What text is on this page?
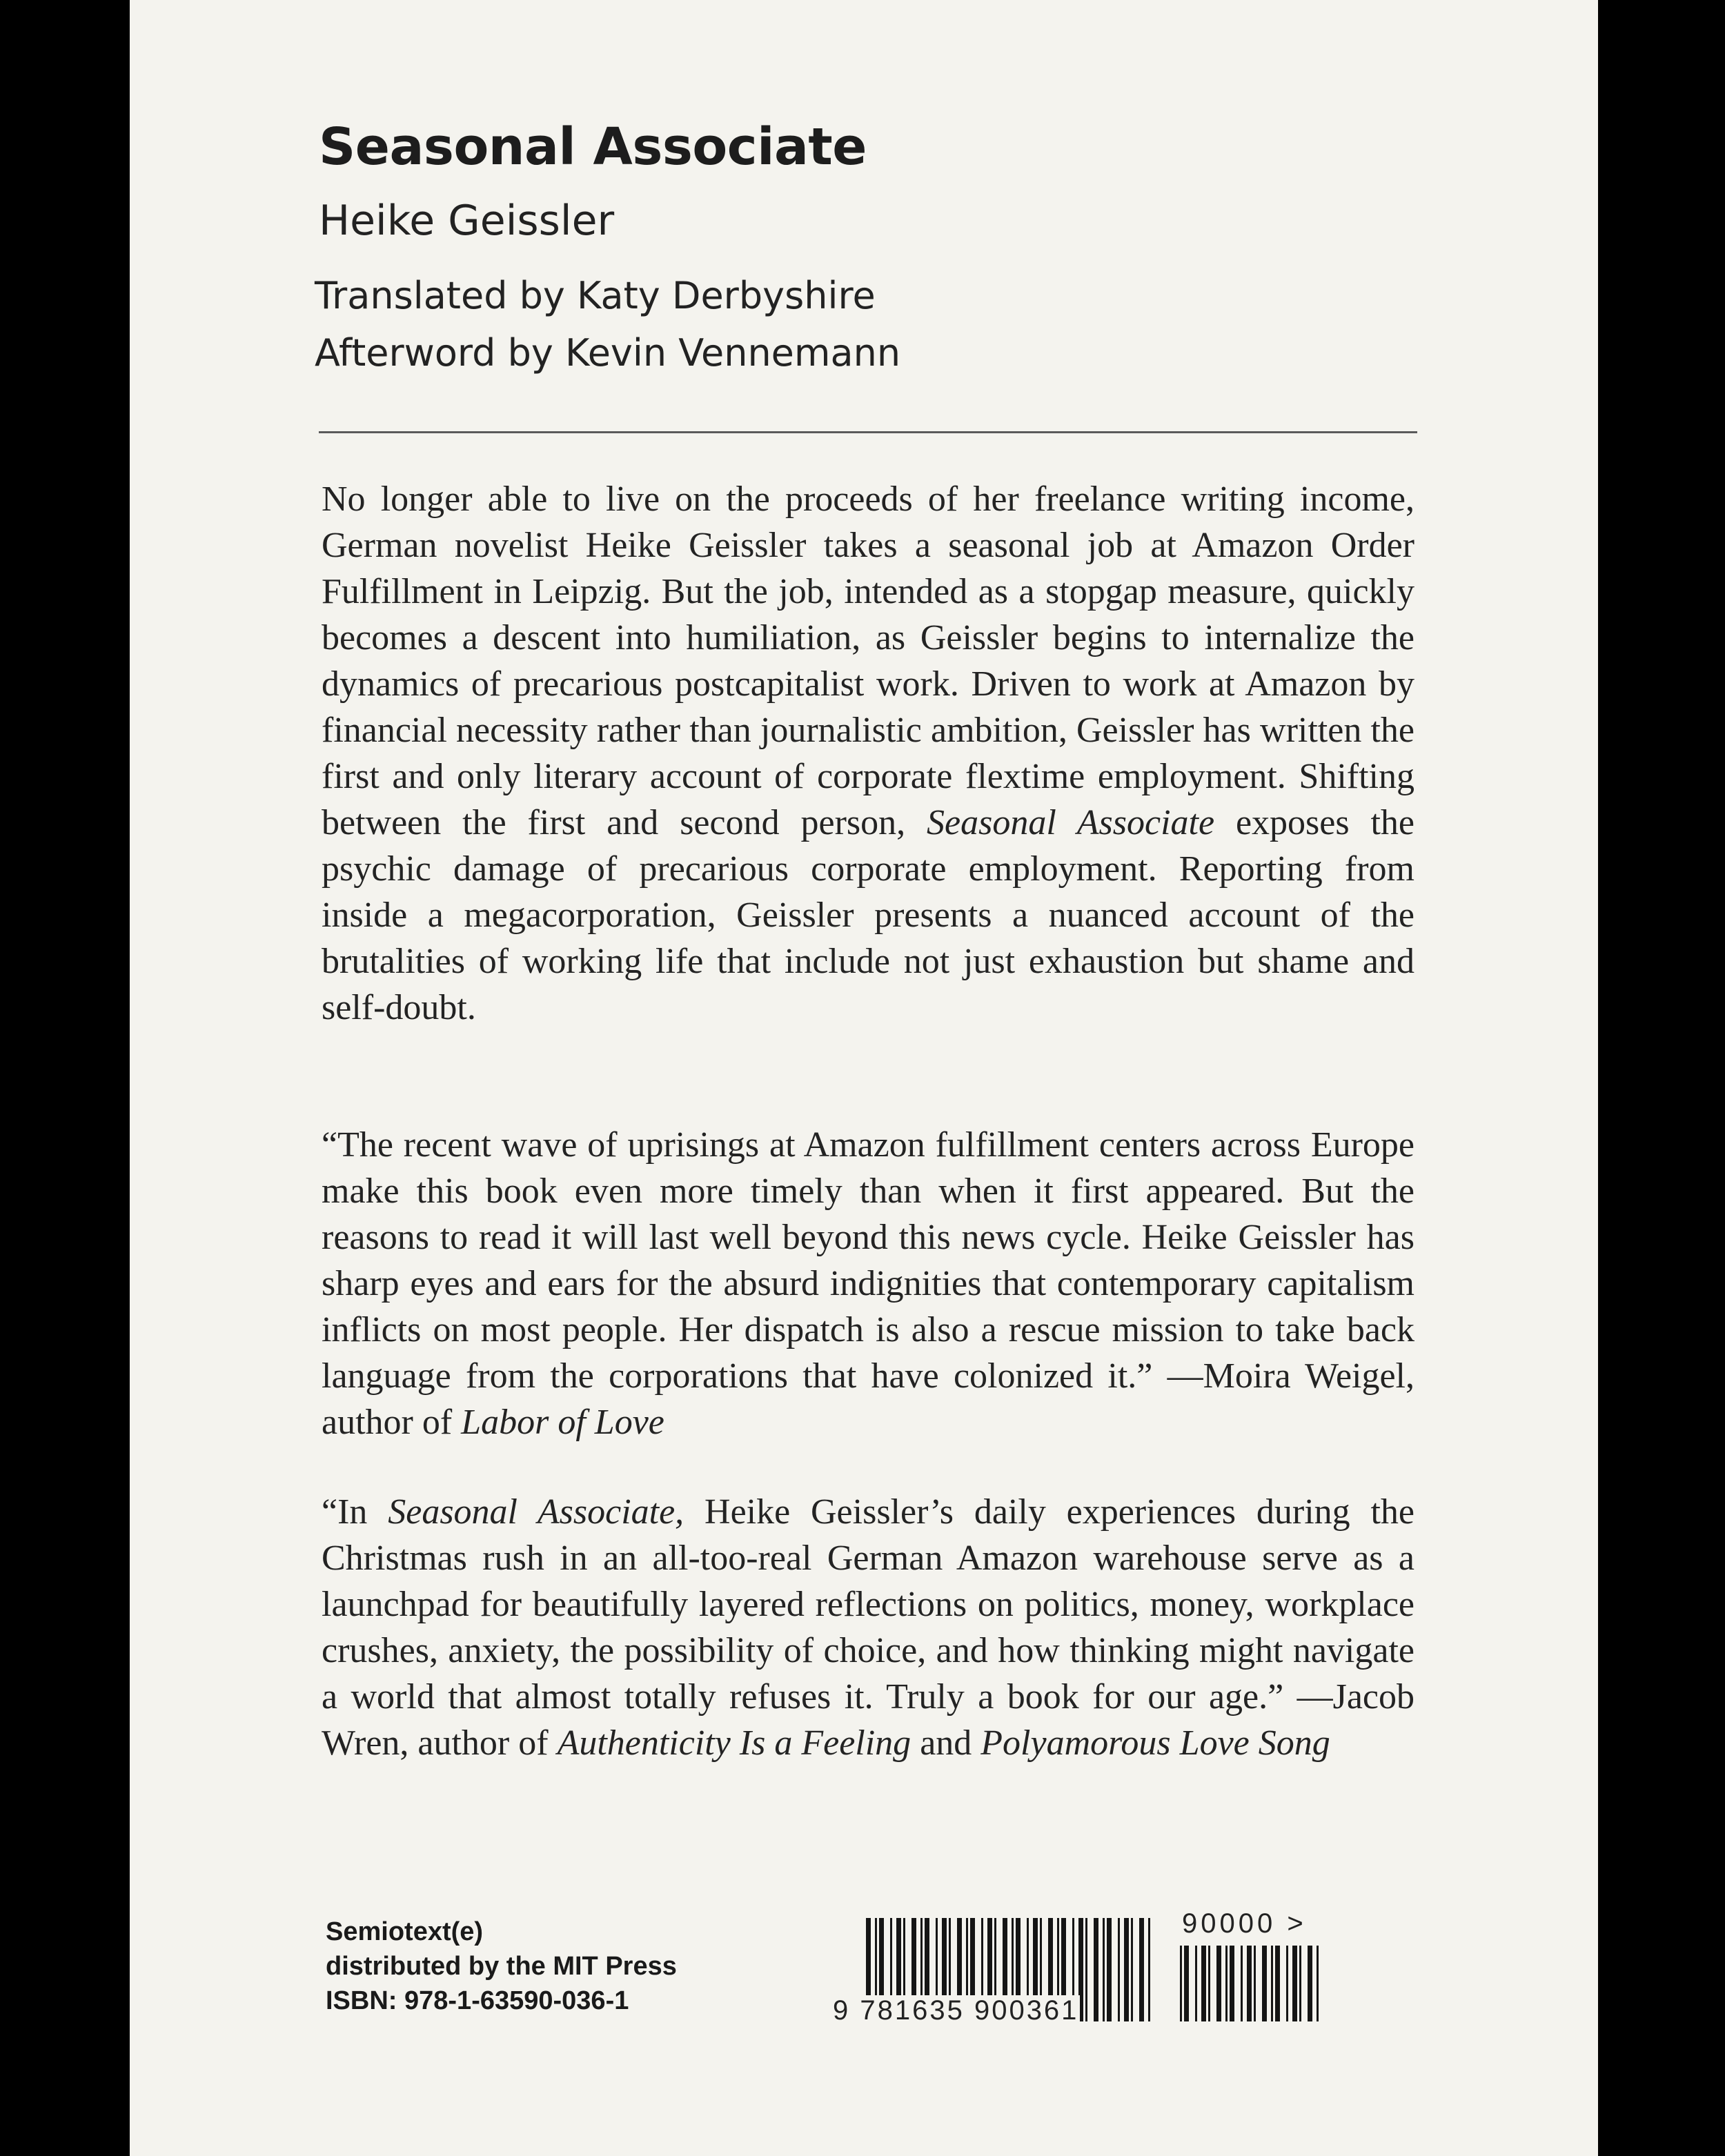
Seasonal Associate
Heike Geissler
Translated by Katy Derbyshire
Afterword by Kevin Vennemann

No longer able to live on the proceeds of her freelance writing income, German novelist Heike Geissler takes a seasonal job at Amazon Order Fulfillment in Leipzig. But the job, intended as a stopgap measure, quickly becomes a descent into humiliation, as Geissler begins to internalize the dynamics of precarious postcapitalist work. Driven to work at Amazon by financial necessity rather than journalistic ambition, Geissler has written the first and only literary account of corporate flextime employment. Shifting between the first and second person, Seasonal Associate exposes the psychic damage of precarious corporate employment. Reporting from inside a megacorporation, Geissler presents a nuanced account of the brutalities of working life that include not just exhaustion but shame and self-doubt.

“The recent wave of uprisings at Amazon fulfillment centers across Europe make this book even more timely than when it first appeared. But the reasons to read it will last well beyond this news cycle. Heike Geissler has sharp eyes and ears for the absurd indignities that contemporary capitalism inflicts on most people. Her dispatch is also a rescue mission to take back language from the corporations that have colonized it.” —Moira Weigel, author of Labor of Love

“In Seasonal Associate, Heike Geissler’s daily experiences during the Christmas rush in an all-too-real German Amazon warehouse serve as a launchpad for beautifully layered reflections on politics, money, workplace crushes, anxiety, the possibility of choice, and how thinking might navigate a world that almost totally refuses it. Truly a book for our age.” —Jacob Wren, author of Authenticity Is a Feeling and Polyamorous Love Song

Semiotext(e)
distributed by the MIT Press
ISBN: 978-1-63590-036-1	9 781635 900361
90000 >
